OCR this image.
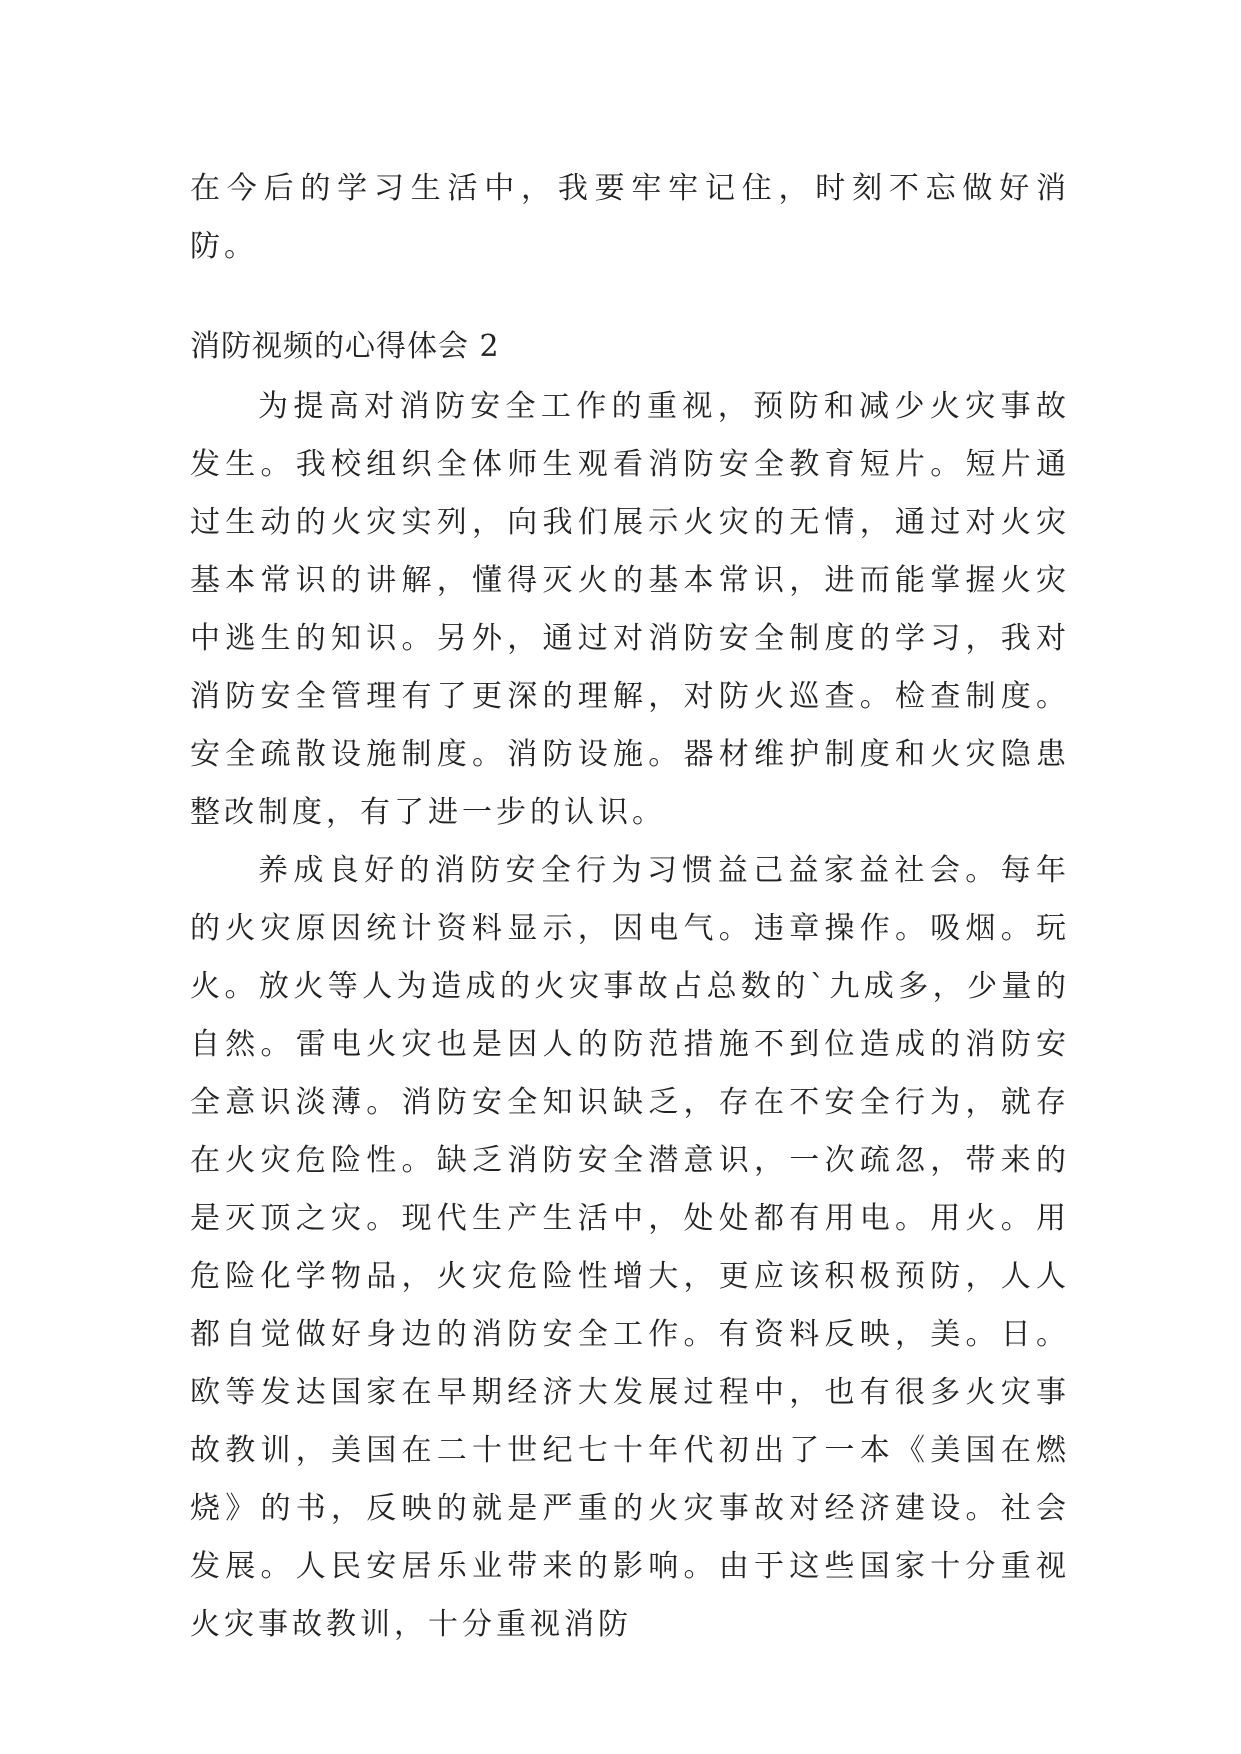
在今后的学习生活中，我要牢牢记住，时刻不忘做好消防。

消防视频的心得体会 2

为提高对消防安全工作的重视，预防和减少火灾事故发生。我校组织全体师生观看消防安全教育短片。短片通过生动的火灾实列，向我们展示火灾的无情，通过对火灾基本常识的讲解，懂得灭火的基本常识，进而能掌握火灾中逃生的知识。另外，通过对消防安全制度的学习，我对消防安全管理有了更深的理解，对防火巡查。检查制度。安全疏散设施制度。消防设施。器材维护制度和火灾隐患整改制度，有了进一步的认识。

养成良好的消防安全行为习惯益己益家益社会。每年的火灾原因统计资料显示，因电气。违章操作。吸烟。玩火。放火等人为造成的火灾事故占总数的`九成多，少量的自然。雷电火灾也是因人的防范措施不到位造成的消防安全意识淡薄。消防安全知识缺乏，存在不安全行为，就存在火灾危险性。缺乏消防安全潜意识，一次疏忽，带来的是灭顶之灾。现代生产生活中，处处都有用电。用火。用危险化学物品，火灾危险性增大，更应该积极预防，人人都自觉做好身边的消防安全工作。有资料反映，美。日。欧等发达国家在早期经济大发展过程中，也有很多火灾事故教训，美国在二十世纪七十年代初出了一本《美国在燃烧》的书，反映的就是严重的火灾事故对经济建设。社会发展。人民安居乐业带来的影响。由于这些国家十分重视火灾事故教训，十分重视消防
